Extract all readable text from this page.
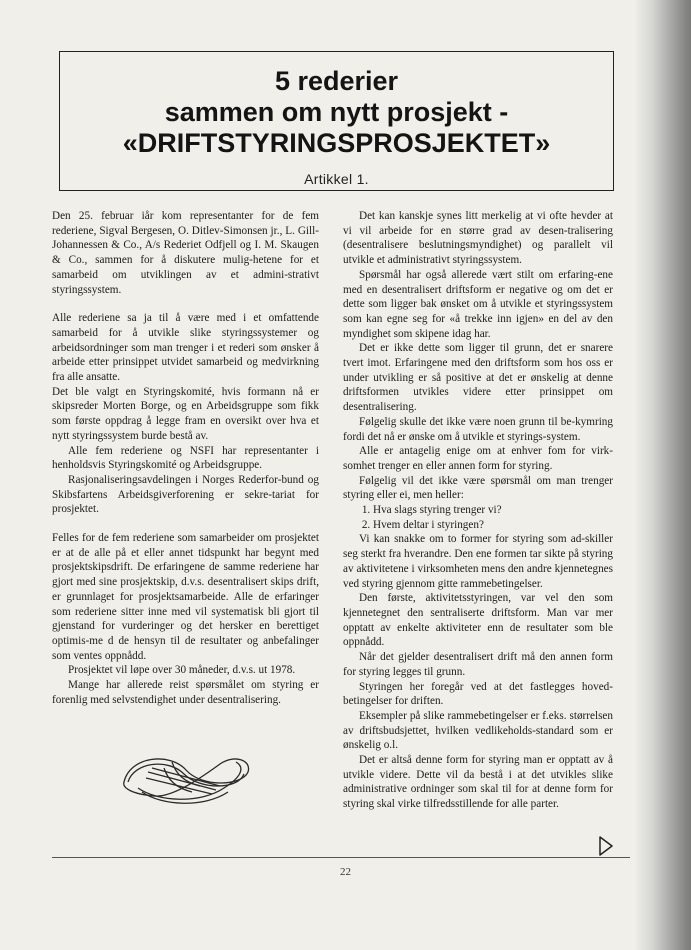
5 rederier
sammen om nytt prosjekt -
«DRIFTSTYRINGSPROSJEKTET»
Artikkel 1.

Den 25. februar iår kom representanter for de fem rederiene, Sigval Bergesen, O. Ditlev-Simonsen jr., L. Gill-Johannessen & Co., A/s Rederiet Odfjell og I. M. Skaugen & Co., sammen for å diskutere mulig-hetene for et samarbeid om utviklingen av et admini-strativt styringssystem.

Alle rederiene sa ja til å være med i et omfattende samarbeid for å utvikle slike styringssystemer og arbeidsordninger som man trenger i et rederi som ønsker å arbeide etter prinsippet utvidet samarbeid og medvirkning fra alle ansatte.

Det ble valgt en Styringskomité, hvis formann nå er skipsreder Morten Borge, og en Arbeidsgruppe som fikk som første oppdrag å legge fram en oversikt over hva et nytt styringssystem burde bestå av.

Alle fem rederiene og NSFI har representanter i henholdsvis Styringskomité og Arbeidsgruppe.

Rasjonaliseringsavdelingen i Norges Rederfor-bund og Skibsfartens Arbeidsgiverforening er sekre-tariat for prosjektet.

Felles for de fem rederiene som samarbeider om prosjektet er at de alle på et eller annet tidspunkt har begynt med prosjektskipsdrift. De erfaringene de samme rederiene har gjort med sine prosjektskip, d.v.s. desentralisert skips drift, er grunnlaget for prosjektsamarbeide. Alle de erfaringer som rederiene sitter inne med vil systematisk bli gjort til gjenstand for vurderinger og det hersker en berettiget optimis-me d de hensyn til de resultater og anbefalinger som ventes oppnådd.

Prosjektet vil løpe over 30 måneder, d.v.s. ut 1978.

Mange har allerede reist spørsmålet om styring er forenlig med selvstendighet under desentralisering.

Det kan kanskje synes litt merkelig at vi ofte hevder at vi vil arbeide for en større grad av desen-tralisering (desentralisere beslutningsmyndighet) og parallelt vil utvikle et administrativt styringssystem.

Spørsmål har også allerede vært stilt om erfaring-ene med en desentralisert driftsform er negative og om det er dette som ligger bak ønsket om å utvikle et styringssystem som kan egne seg for «å trekke inn igjen» en del av den myndighet som skipene idag har.

Det er ikke dette som ligger til grunn, det er snarere tvert imot. Erfaringene med den driftsform som hos oss er under utvikling er så positive at det er ønskelig at denne driftsformen utvikles videre etter prinsippet om desentralisering.

Følgelig skulle det ikke være noen grunn til be-kymring fordi det nå er ønske om å utvikle et styrings-system.

Alle er antagelig enige om at enhver fom for virk-somhet trenger en eller annen form for styring.

Følgelig vil det ikke være spørsmål om man trenger styring eller ei, men heller:

1. Hva slags styring trenger vi?
2. Hvem deltar i styringen?

Vi kan snakke om to former for styring som ad-skiller seg sterkt fra hverandre. Den ene formen tar sikte på styring av aktivitetene i virksomheten mens den andre kjennetegnes ved styring gjennom gitte rammebetingelser.

Den første, aktivitetsstyringen, var vel den som kjennetegnet den sentraliserte driftsform. Man var mer opptatt av enkelte aktiviteter enn de resultater som ble oppnådd.

Når det gjelder desentralisert drift må den annen form for styring legges til grunn.

Styringen her foregår ved at det fastlegges hoved-betingelser for driften.

Eksempler på slike rammebetingelser er f.eks. størrelsen av driftsbudsjettet, hvilken vedlikeholds-standard som er ønskelig o.l.

Det er altså denne form for styring man er opptatt av å utvikle videre. Dette vil da bestå i at det utvikles slike administrative ordninger som skal til for at denne form for styring skal virke tilfredsstillende for alle parter.

22
